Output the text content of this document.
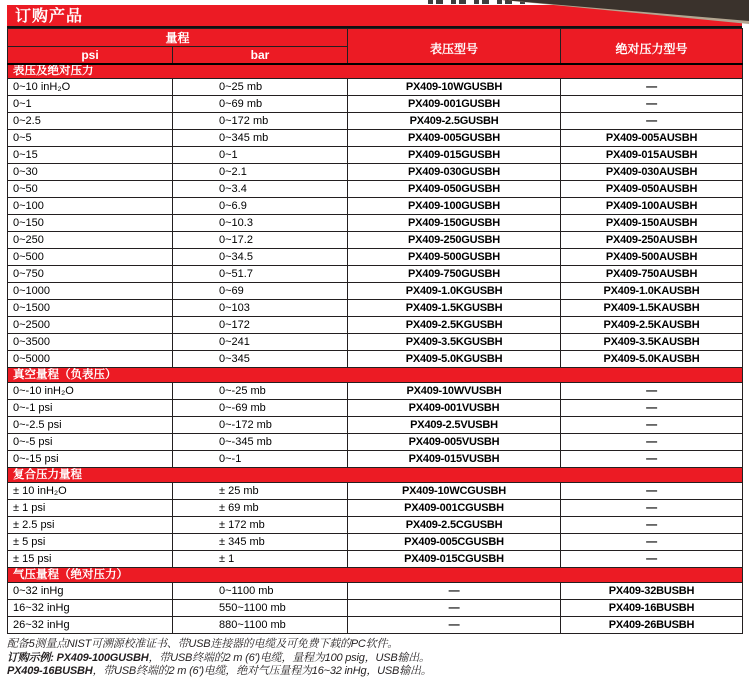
订购产品
量程		表压型号	绝对压力型号
psi	bar		
表压及绝对压力			
0~10 inH₂O	0~25 mb	PX409-10WGUSBH	—
0~1	0~69 mb	PX409-001GUSBH	—
0~2.5	0~172 mb	PX409-2.5GUSBH	—
0~5	0~345 mb	PX409-005GUSBH	PX409-005AUSBH
0~15	0~1	PX409-015GUSBH	PX409-015AUSBH
0~30	0~2.1	PX409-030GUSBH	PX409-030AUSBH
0~50	0~3.4	PX409-050GUSBH	PX409-050AUSBH
0~100	0~6.9	PX409-100GUSBH	PX409-100AUSBH
0~150	0~10.3	PX409-150GUSBH	PX409-150AUSBH
0~250	0~17.2	PX409-250GUSBH	PX409-250AUSBH
0~500	0~34.5	PX409-500GUSBH	PX409-500AUSBH
0~750	0~51.7	PX409-750GUSBH	PX409-750AUSBH
0~1000	0~69	PX409-1.0KGUSBH	PX409-1.0KAUSBH
0~1500	0~103	PX409-1.5KGUSBH	PX409-1.5KAUSBH
0~2500	0~172	PX409-2.5KGUSBH	PX409-2.5KAUSBH
0~3500	0~241	PX409-3.5KGUSBH	PX409-3.5KAUSBH
0~5000	0~345	PX409-5.0KGUSBH	PX409-5.0KAUSBH
真空量程（负表压）			
0~-10 inH₂O	0~-25 mb	PX409-10WVUSBH	—
0~-1 psi	0~-69 mb	PX409-001VUSBH	—
0~-2.5 psi	0~-172 mb	PX409-2.5VUSBH	—
0~-5 psi	0~-345 mb	PX409-005VUSBH	—
0~-15 psi	0~-1	PX409-015VUSBH	—
复合压力量程			
± 10 inH₂O	± 25 mb	PX409-10WCGUSBH	—
± 1 psi	± 69 mb	PX409-001CGUSBH	—
± 2.5 psi	± 172 mb	PX409-2.5CGUSBH	—
± 5 psi	± 345 mb	PX409-005CGUSBH	—
± 15 psi	± 1	PX409-015CGUSBH	—
气压量程（绝对压力）			
0~32 inHg	0~1100 mb	—	PX409-32BUSBH
16~32 inHg	550~1100 mb	—	PX409-16BUSBH
26~32 inHg	880~1100 mb	—	PX409-26BUSBH
配备5测量点NIST可溯源校准证书、带USB连接器的电缆及可免费下载的PC软件。
订购示例: PX409-100GUSBH，带USB终端的2 m (6')电缆，量程为100 psig，USB输出。
PX409-16BUSBH，带USB终端的2 m (6')电缆，绝对气压量程为16~32 inHg，USB输出。
